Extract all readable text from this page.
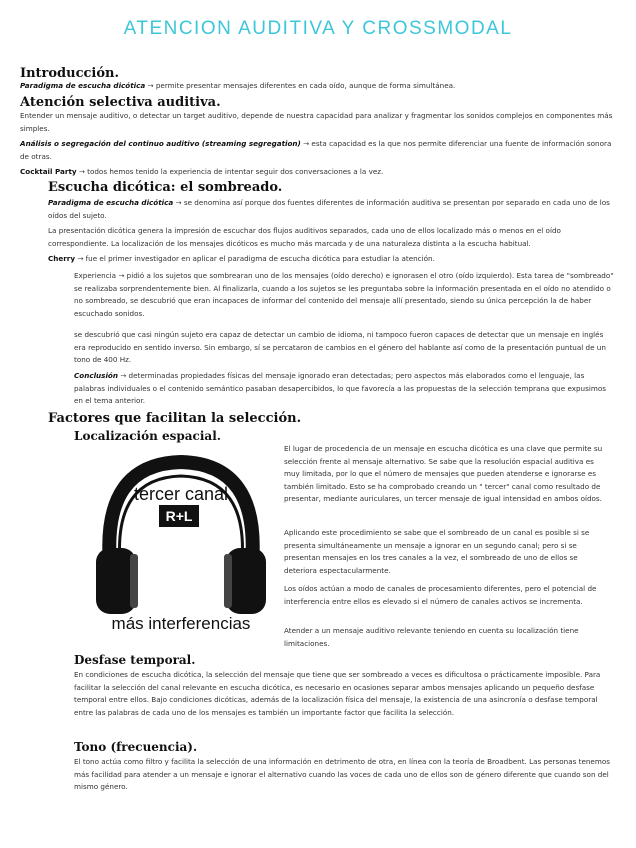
ATENCION AUDITIVA Y CROSSMODAL
Introducción.

Paradigma de escucha dicótica → permite presentar mensajes diferentes en cada oído, aunque de forma simultánea.

Atención selectiva auditiva.

Entender un mensaje auditivo, o detectar un target auditivo, depende de nuestra capacidad para analizar y fragmentar los sonidos complejos en componentes más simples.

Análisis o segregación del continuo auditivo (streaming segregation) → esta capacidad es la que nos permite diferenciar una fuente de información sonora de otras.

Cocktail Party → todos hemos tenido la experiencia de intentar seguir dos conversaciones a la vez.

Escucha dicótica: el sombreado.

Paradigma de escucha dicótica → se denomina así porque dos fuentes diferentes de información auditiva se presentan por separado en cada uno de los oídos del sujeto.

La presentación dicótica genera la impresión de escuchar dos flujos auditivos separados, cada uno de ellos localizado más o menos en el oído correspondiente. La localización de los mensajes dicóticos es mucho más marcada y de una naturaleza distinta a la escucha habitual.

Cherry → fue el primer investigador en aplicar el paradigma de escucha dicótica para estudiar la atención.

Experiencia → pidió a los sujetos que sombrearan uno de los mensajes (oído derecho) e ignorasen el otro (oído izquierdo). Esta tarea de "sombreado" se realizaba sorprendentemente bien. Al finalizarla, cuando a los sujetos se les preguntaba sobre la información presentada en el oído no atendido o no sombreado, se descubrió que eran incapaces de informar del contenido del mensaje allí presentado, siendo su única percepción la de haber escuchado sonidos.

se descubrió que casi ningún sujeto era capaz de detectar un cambio de idioma, ni tampoco fueron capaces de detectar que un mensaje en inglés era reproducido en sentido inverso. Sin embargo, sí se percataron de cambios en el género del hablante así como de la presentación puntual de un tono de 400 Hz.

Conclusión → determinadas propiedades físicas del mensaje ignorado eran detectadas; pero aspectos más elaborados como el lenguaje, las palabras individuales o el contenido semántico pasaban desapercibidos, lo que favorecía a las propuestas de la selección temprana que expusimos en el tema anterior.

Factores que facilitan la selección.
Localización espacial.
tercer canal
R+L
más interferencias

El lugar de procedencia de un mensaje en escucha dicótica es una clave que permite su selección frente al mensaje alternativo. Se sabe que la resolución espacial auditiva es muy limitada, por lo que el número de mensajes que pueden atenderse e ignorarse es también limitado. Esto se ha comprobado creando un " tercer" canal como resultado de presentar, mediante auriculares, un tercer mensaje de igual intensidad en ambos oídos.

Aplicando este procedimiento se sabe que el sombreado de un canal es posible si se presenta simultáneamente un mensaje a ignorar en un segundo canal; pero si se presentan mensajes en los tres canales a la vez, el sombreado de uno de ellos se deteriora espectacularmente.

Los oídos actúan a modo de canales de procesamiento diferentes, pero el potencial de interferencia entre ellos es elevado si el número de canales activos se incrementa.

Atender a un mensaje auditivo relevante teniendo en cuenta su localización tiene limitaciones.

Desfase temporal.

En condiciones de escucha dicótica, la selección del mensaje que tiene que ser sombreado a veces es dificultosa o prácticamente imposible. Para facilitar la selección del canal relevante en escucha dicótica, es necesario en ocasiones separar ambos mensajes aplicando un pequeño desfase temporal entre ellos. Bajo condiciones dicóticas, además de la localización física del mensaje, la existencia de una asincronía o desfase temporal entre las palabras de cada uno de los mensajes es también un importante factor que facilita la selección.

Tono (frecuencia).

El tono actúa como filtro y facilita la selección de una información en detrimento de otra, en línea con la teoría de Broadbent. Las personas tenemos más facilidad para atender a un mensaje e ignorar el alternativo cuando las voces de cada uno de ellos son de género diferente que cuando son del mismo género.
